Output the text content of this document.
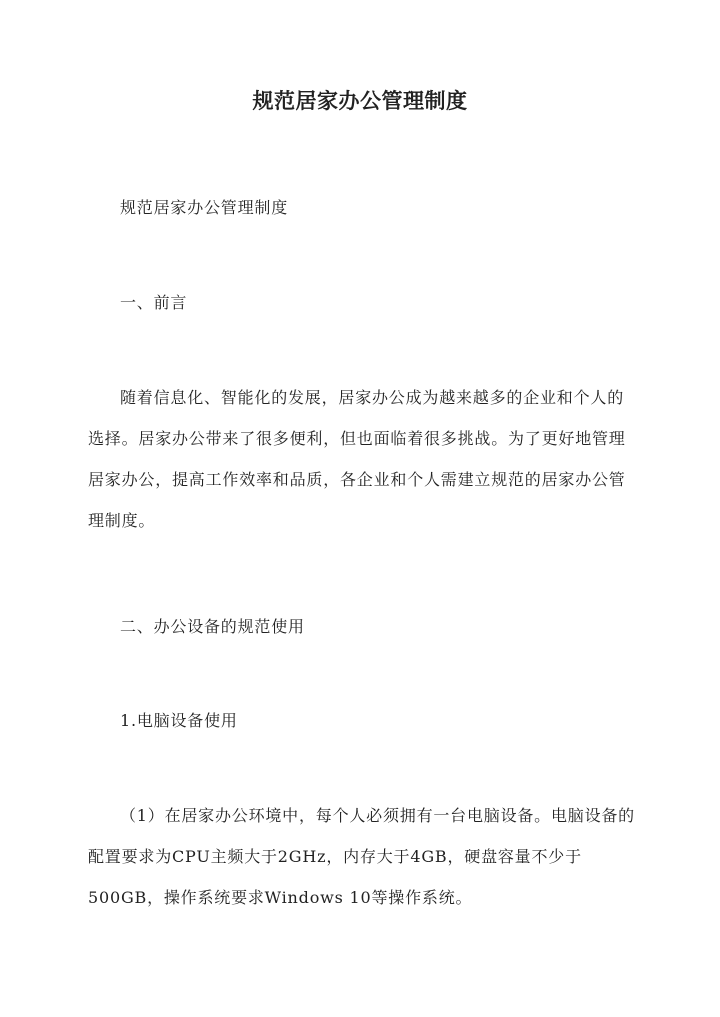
规范居家办公管理制度
规范居家办公管理制度
一、前言
随着信息化、智能化的发展，居家办公成为越来越多的企业和个人的选择。居家办公带来了很多便利，但也面临着很多挑战。为了更好地管理居家办公，提高工作效率和品质，各企业和个人需建立规范的居家办公管理制度。
二、办公设备的规范使用
1.电脑设备使用
（1）在居家办公环境中，每个人必须拥有一台电脑设备。电脑设备的配置要求为CPU主频大于2GHz，内存大于4GB，硬盘容量不少于500GB，操作系统要求Windows 10等操作系统。
